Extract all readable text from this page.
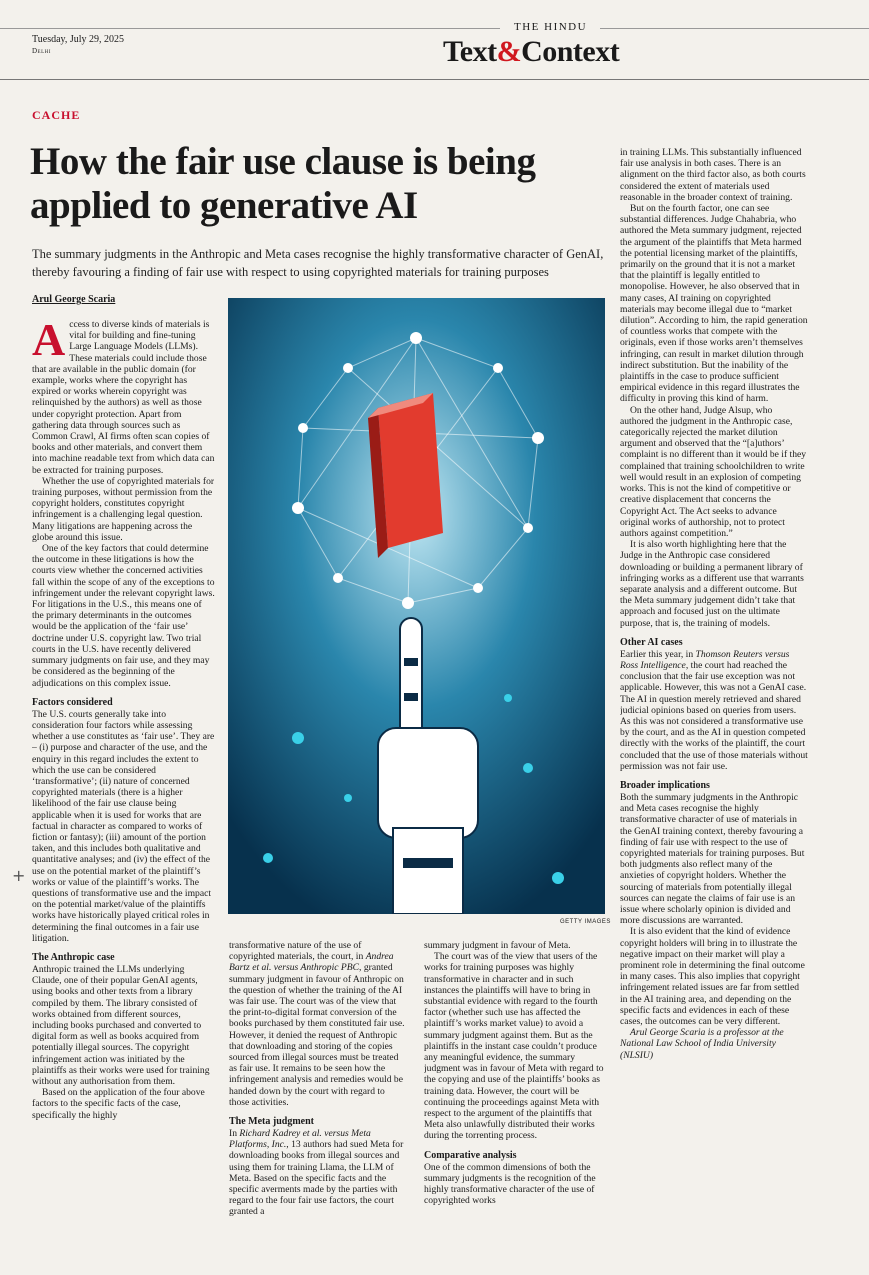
THE HINDU
Tuesday, July 29, 2025
Delhi	Text&Context
CACHE
How the fair use clause is being applied to generative AI
The summary judgments in the Anthropic and Meta cases recognise the highly transformative character of GenAI, thereby favouring a finding of fair use with respect to using copyrighted materials for training purposes
Arul George Scaria

Access to diverse kinds of materials is vital for building and fine-tuning Large Language Models (LLMs). These materials could include those that are available in the public domain (for example, works where the copyright has expired or works wherein copyright was relinquished by the authors) as well as those under copyright protection. Apart from gathering data through sources such as Common Crawl, AI firms often scan copies of books and other materials, and convert them into machine readable text from which data can be extracted for training purposes.

Whether the use of copyrighted materials for training purposes, without permission from the copyright holders, constitutes copyright infringement is a challenging legal question. Many litigations are happening across the globe around this issue.

One of the key factors that could determine the outcome in these litigations is how the courts view whether the concerned activities fall within the scope of any of the exceptions to infringement under the relevant copyright laws. For litigations in the U.S., this means one of the primary determinants in the outcomes would be the application of the ‘fair use’ doctrine under U.S. copyright law. Two trial courts in the U.S. have recently delivered summary judgments on fair use, and they may be considered as the beginning of the adjudications on this complex issue.

Factors considered

The U.S. courts generally take into consideration four factors while assessing whether a use constitutes as ‘fair use’. They are – (i) purpose and character of the use, and the enquiry in this regard includes the extent to which the use can be considered ‘transformative’; (ii) nature of concerned copyrighted materials (there is a higher likelihood of the fair use clause being applicable when it is used for works that are factual in character as compared to works of fiction or fantasy); (iii) amount of the portion taken, and this includes both qualitative and quantitative analyses; and (iv) the effect of the use on the potential market of the plaintiff’s works or value of the plaintiff’s works. The questions of transformative use and the impact on the potential market/value of the plaintiffs works have historically played critical roles in determining the final outcomes in a fair use litigation.

The Anthropic case

Anthropic trained the LLMs underlying Claude, one of their popular GenAI agents, using books and other texts from a library compiled by them. The library consisted of works obtained from different sources, including books purchased and converted to digital form as well as books acquired from potentially illegal sources. The copyright infringement action was initiated by the plaintiffs as their works were used for training without any authorisation from them.

Based on the application of the four above factors to the specific facts of the case, specifically the highly

GETTY IMAGES

transformative nature of the use of copyrighted materials, the court, in Andrea Bartz et al. versus Anthropic PBC, granted summary judgment in favour of Anthropic on the question of whether the training of the AI was fair use. The court was of the view that the print-to-digital format conversion of the books purchased by them constituted fair use. However, it denied the request of Anthropic that downloading and storing of the copies sourced from illegal sources must be treated as fair use. It remains to be seen how the infringement analysis and remedies would be handed down by the court with regard to those activities.

The Meta judgment

In Richard Kadrey et al. versus Meta Platforms, Inc., 13 authors had sued Meta for downloading books from illegal sources and using them for training Llama, the LLM of Meta. Based on the specific facts and the specific averments made by the parties with regard to the four fair use factors, the court granted a

summary judgment in favour of Meta.

The court was of the view that users of the works for training purposes was highly transformative in character and in such instances the plaintiffs will have to bring in substantial evidence with regard to the fourth factor (whether such use has affected the plaintiff’s works market value) to avoid a summary judgment against them. But as the plaintiffs in the instant case couldn’t produce any meaningful evidence, the summary judgment was in favour of Meta with regard to the copying and use of the plaintiffs’ books as training data. However, the court will be continuing the proceedings against Meta with respect to the argument of the plaintiffs that Meta also unlawfully distributed their works during the torrenting process.

Comparative analysis

One of the common dimensions of both the summary judgments is the recognition of the highly transformative character of the use of copyrighted works

in training LLMs. This substantially influenced fair use analysis in both cases. There is an alignment on the third factor also, as both courts considered the extent of materials used reasonable in the broader context of training.

But on the fourth factor, one can see substantial differences. Judge Chahabria, who authored the Meta summary judgment, rejected the argument of the plaintiffs that Meta harmed the potential licensing market of the plaintiffs, primarily on the ground that it is not a market that the plaintiff is legally entitled to monopolise. However, he also observed that in many cases, AI training on copyrighted materials may become illegal due to “market dilution”. According to him, the rapid generation of countless works that compete with the originals, even if those works aren’t themselves infringing, can result in market dilution through indirect substitution. But the inability of the plaintiffs in the case to produce sufficient empirical evidence in this regard illustrates the difficulty in proving this kind of harm.

On the other hand, Judge Alsup, who authored the judgment in the Anthropic case, categorically rejected the market dilution argument and observed that the “[a]uthors’ complaint is no different than it would be if they complained that training schoolchildren to write well would result in an explosion of competing works. This is not the kind of competitive or creative displacement that concerns the Copyright Act. The Act seeks to advance original works of authorship, not to protect authors against competition.”

It is also worth highlighting here that the Judge in the Anthropic case considered downloading or building a permanent library of infringing works as a different use that warrants separate analysis and a different outcome. But the Meta summary judgement didn’t take that approach and focused just on the ultimate purpose, that is, the training of models.

Other AI cases

Earlier this year, in Thomson Reuters versus Ross Intelligence, the court had reached the conclusion that the fair use exception was not applicable. However, this was not a GenAI case. The AI in question merely retrieved and shared judicial opinions based on queries from users. As this was not considered a transformative use by the court, and as the AI in question competed directly with the works of the plaintiff, the court concluded that the use of those materials without permission was not fair use.

Broader implications

Both the summary judgments in the Anthropic and Meta cases recognise the highly transformative character of use of materials in the GenAI training context, thereby favouring a finding of fair use with respect to the use of copyrighted materials for training purposes. But both judgments also reflect many of the anxieties of copyright holders. Whether the sourcing of materials from potentially illegal sources can negate the claims of fair use is an issue where scholarly opinion is divided and more discussions are warranted.

It is also evident that the kind of evidence copyright holders will bring in to illustrate the negative impact on their market will play a prominent role in determining the final outcome in many cases. This also implies that copyright infringement related issues are far from settled in the AI training area, and depending on the specific facts and evidences in each of these cases, the outcomes can be very different.

Arul George Scaria is a professor at the National Law School of India University (NLSIU)

+
